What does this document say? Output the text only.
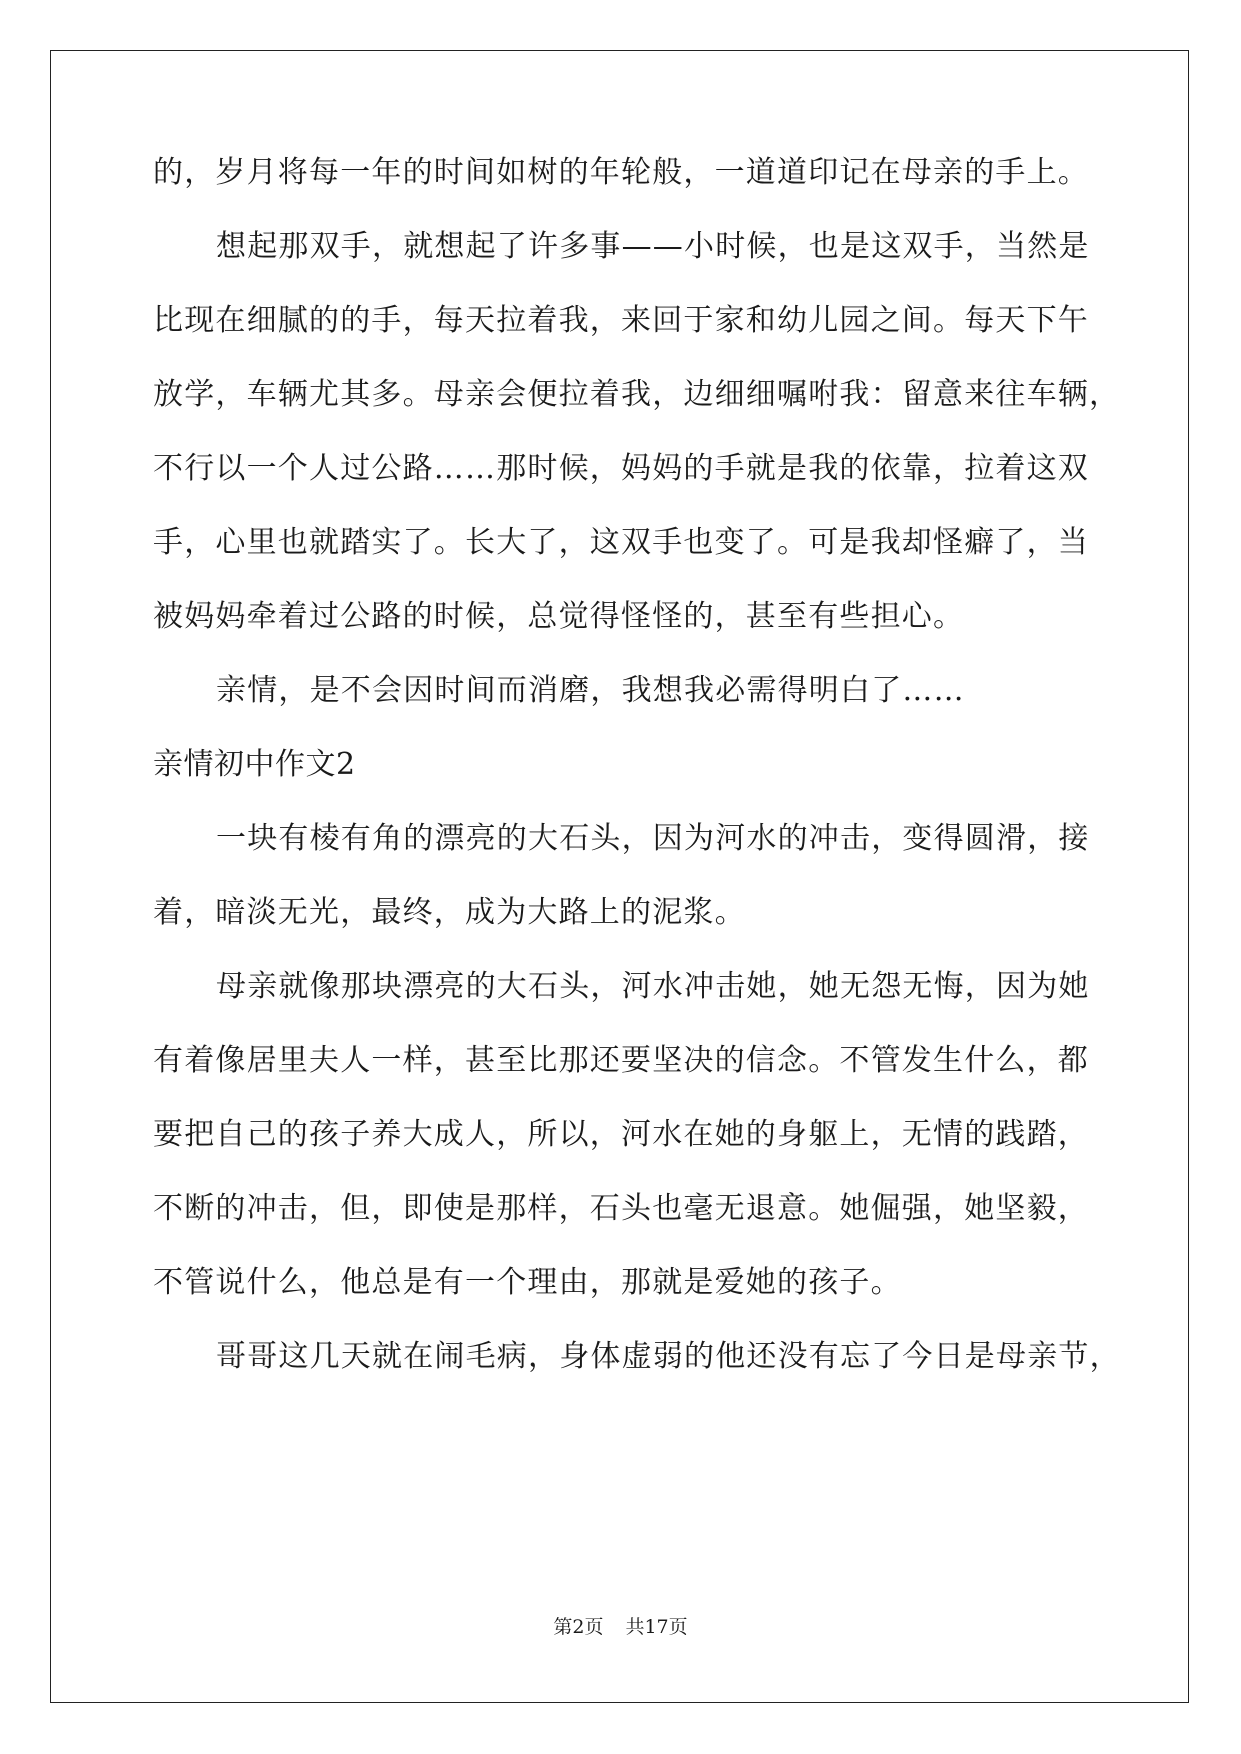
的，岁月将每一年的时间如树的年轮般，一道道印记在母亲的手上。
想起那双手，就想起了许多事——小时候，也是这双手，当然是
比现在细腻的的手，每天拉着我，来回于家和幼儿园之间。每天下午
放学，车辆尤其多。母亲会便拉着我，边细细嘱咐我：留意来往车辆，
不行以一个人过公路……那时候，妈妈的手就是我的依靠，拉着这双
手，心里也就踏实了。长大了，这双手也变了。可是我却怪癖了，当
被妈妈牵着过公路的时候，总觉得怪怪的，甚至有些担心。
亲情，是不会因时间而消磨，我想我必需得明白了……
亲情初中作文2
一块有棱有角的漂亮的大石头，因为河水的冲击，变得圆滑，接
着，暗淡无光，最终，成为大路上的泥浆。
母亲就像那块漂亮的大石头，河水冲击她，她无怨无悔，因为她
有着像居里夫人一样，甚至比那还要坚决的信念。不管发生什么，都
要把自己的孩子养大成人，所以，河水在她的身躯上，无情的践踏，
不断的冲击，但，即使是那样，石头也毫无退意。她倔强，她坚毅，
不管说什么，他总是有一个理由，那就是爱她的孩子。
哥哥这几天就在闹毛病，身体虚弱的他还没有忘了今日是母亲节，
第2页 共17页
